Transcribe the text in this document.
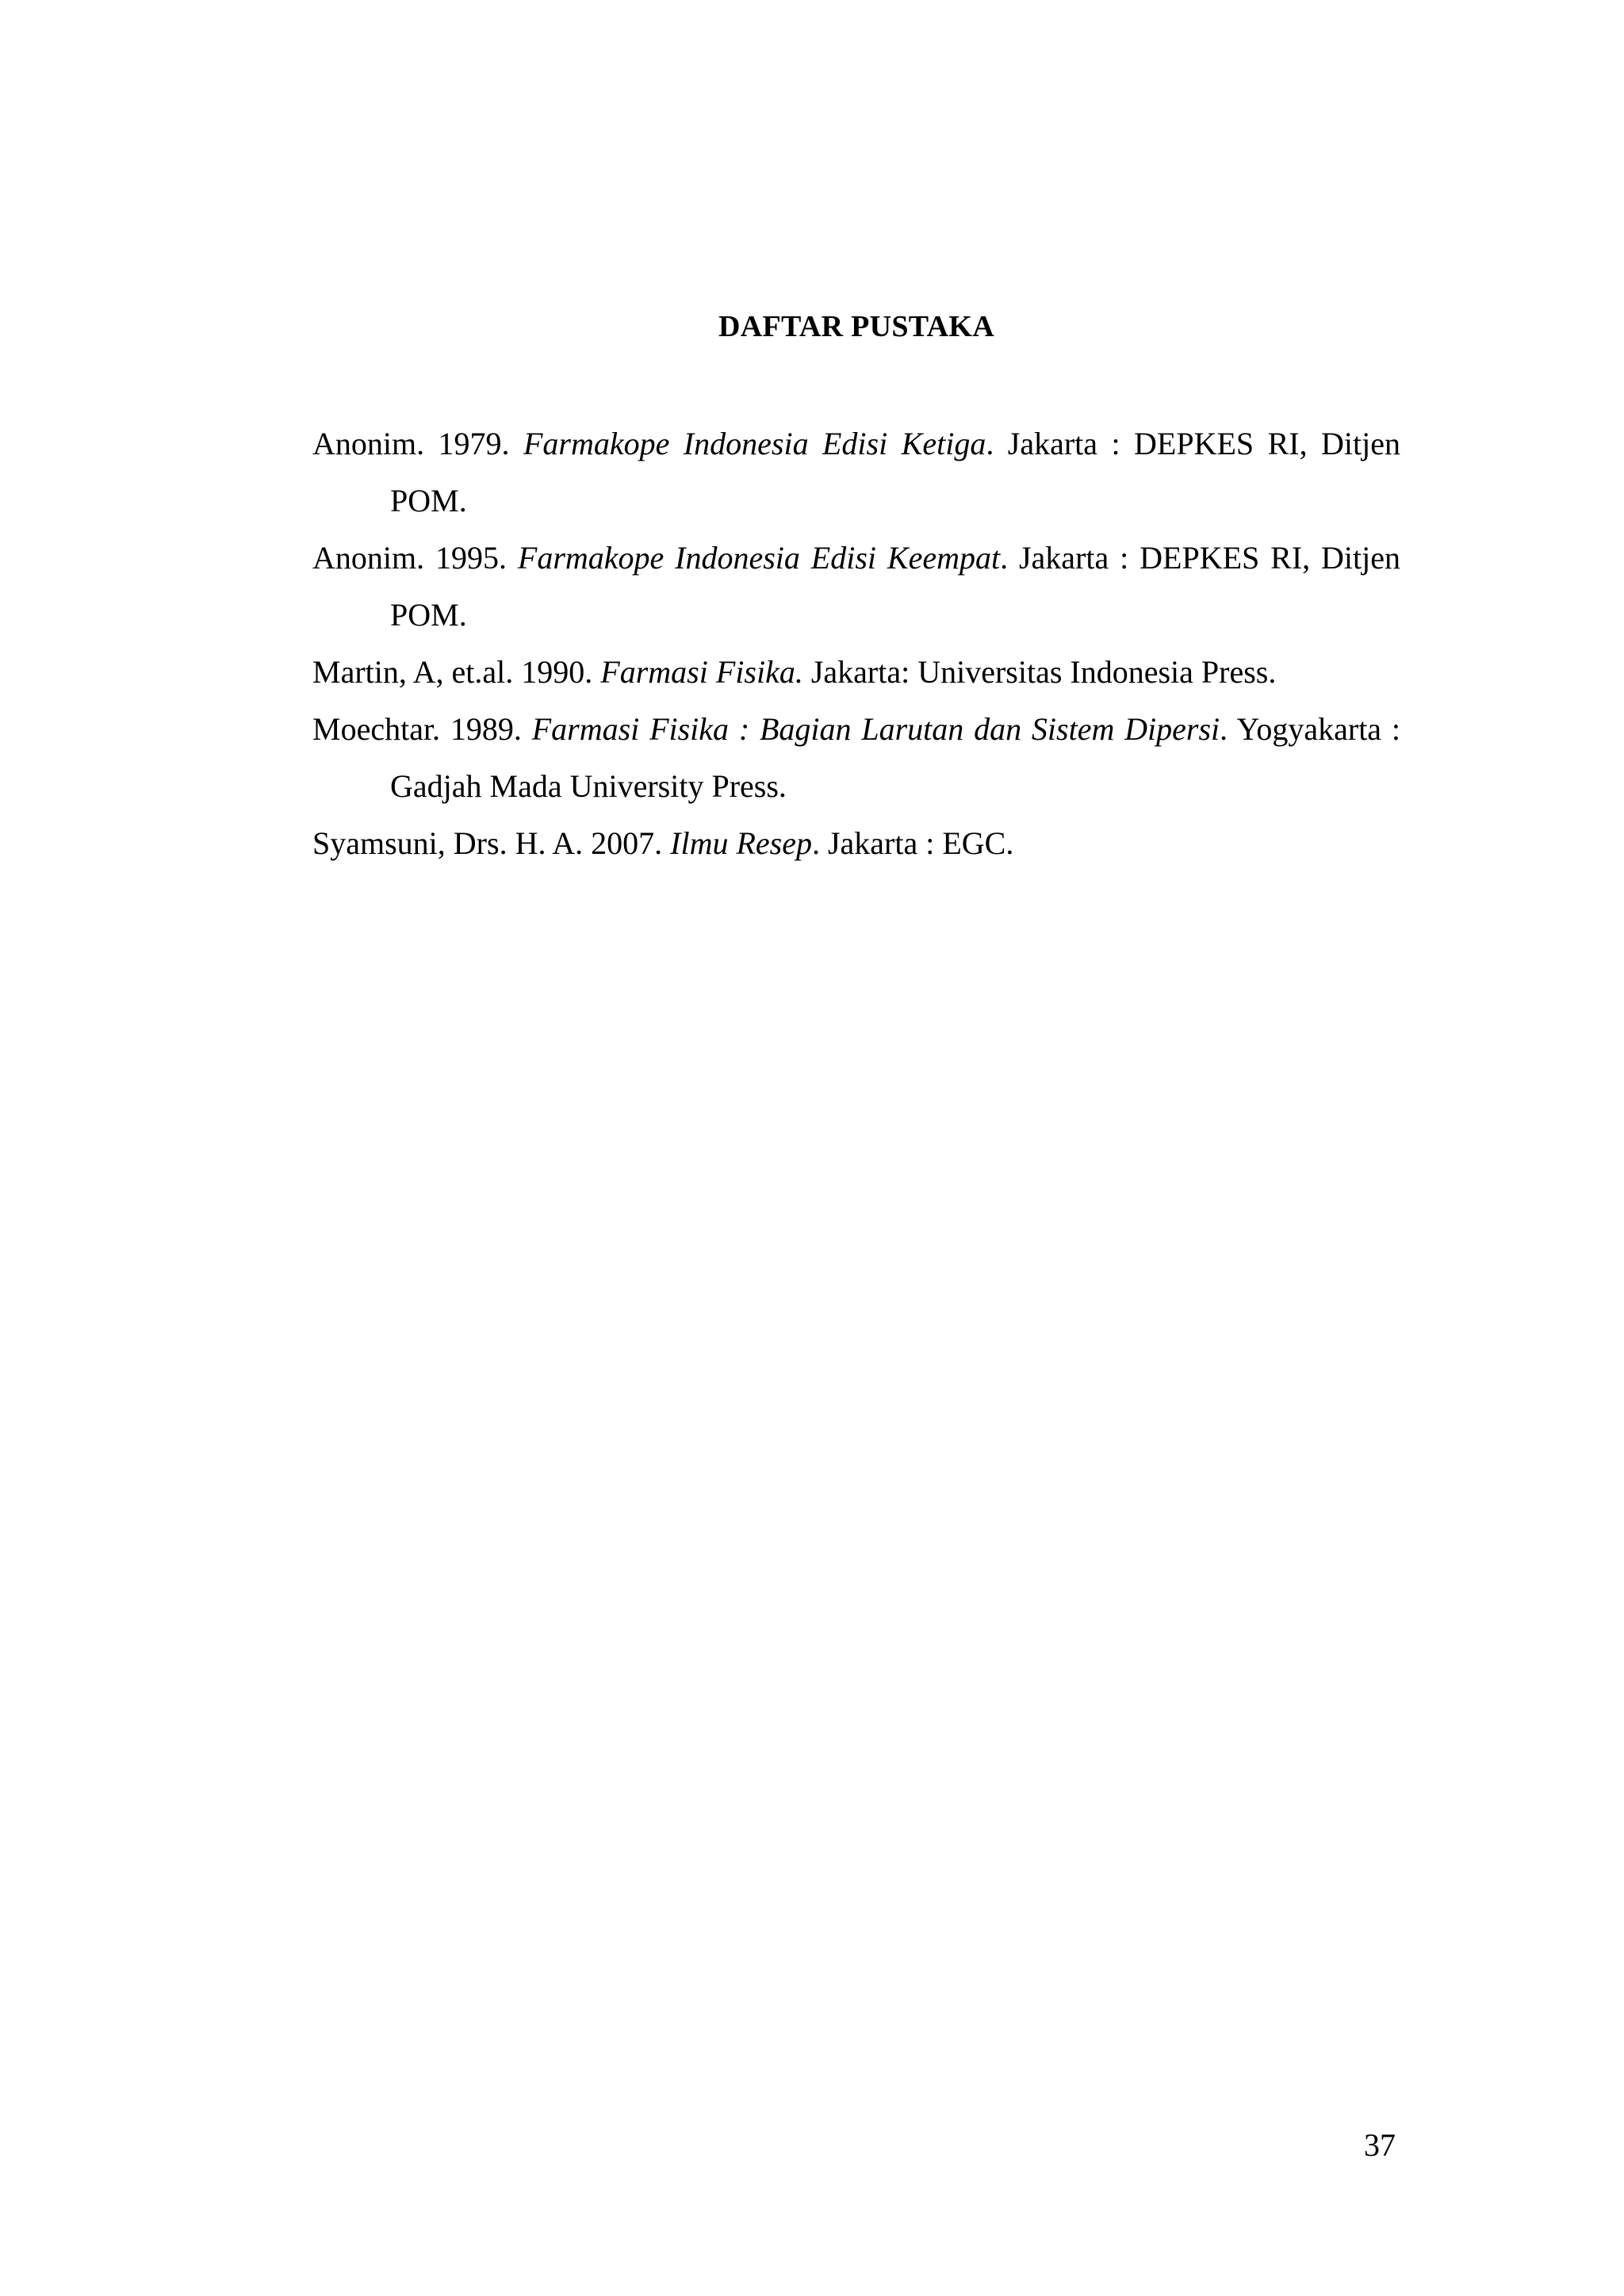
DAFTAR PUSTAKA

Anonim. 1979. Farmakope Indonesia Edisi Ketiga. Jakarta : DEPKES RI, Ditjen POM.

Anonim. 1995. Farmakope Indonesia Edisi Keempat. Jakarta : DEPKES RI, Ditjen POM.

Martin, A, et.al. 1990. Farmasi Fisika. Jakarta: Universitas Indonesia Press.

Moechtar. 1989. Farmasi Fisika : Bagian Larutan dan Sistem Dipersi. Yogyakarta : Gadjah Mada University Press.

Syamsuni, Drs. H. A. 2007. Ilmu Resep. Jakarta : EGC.

37
